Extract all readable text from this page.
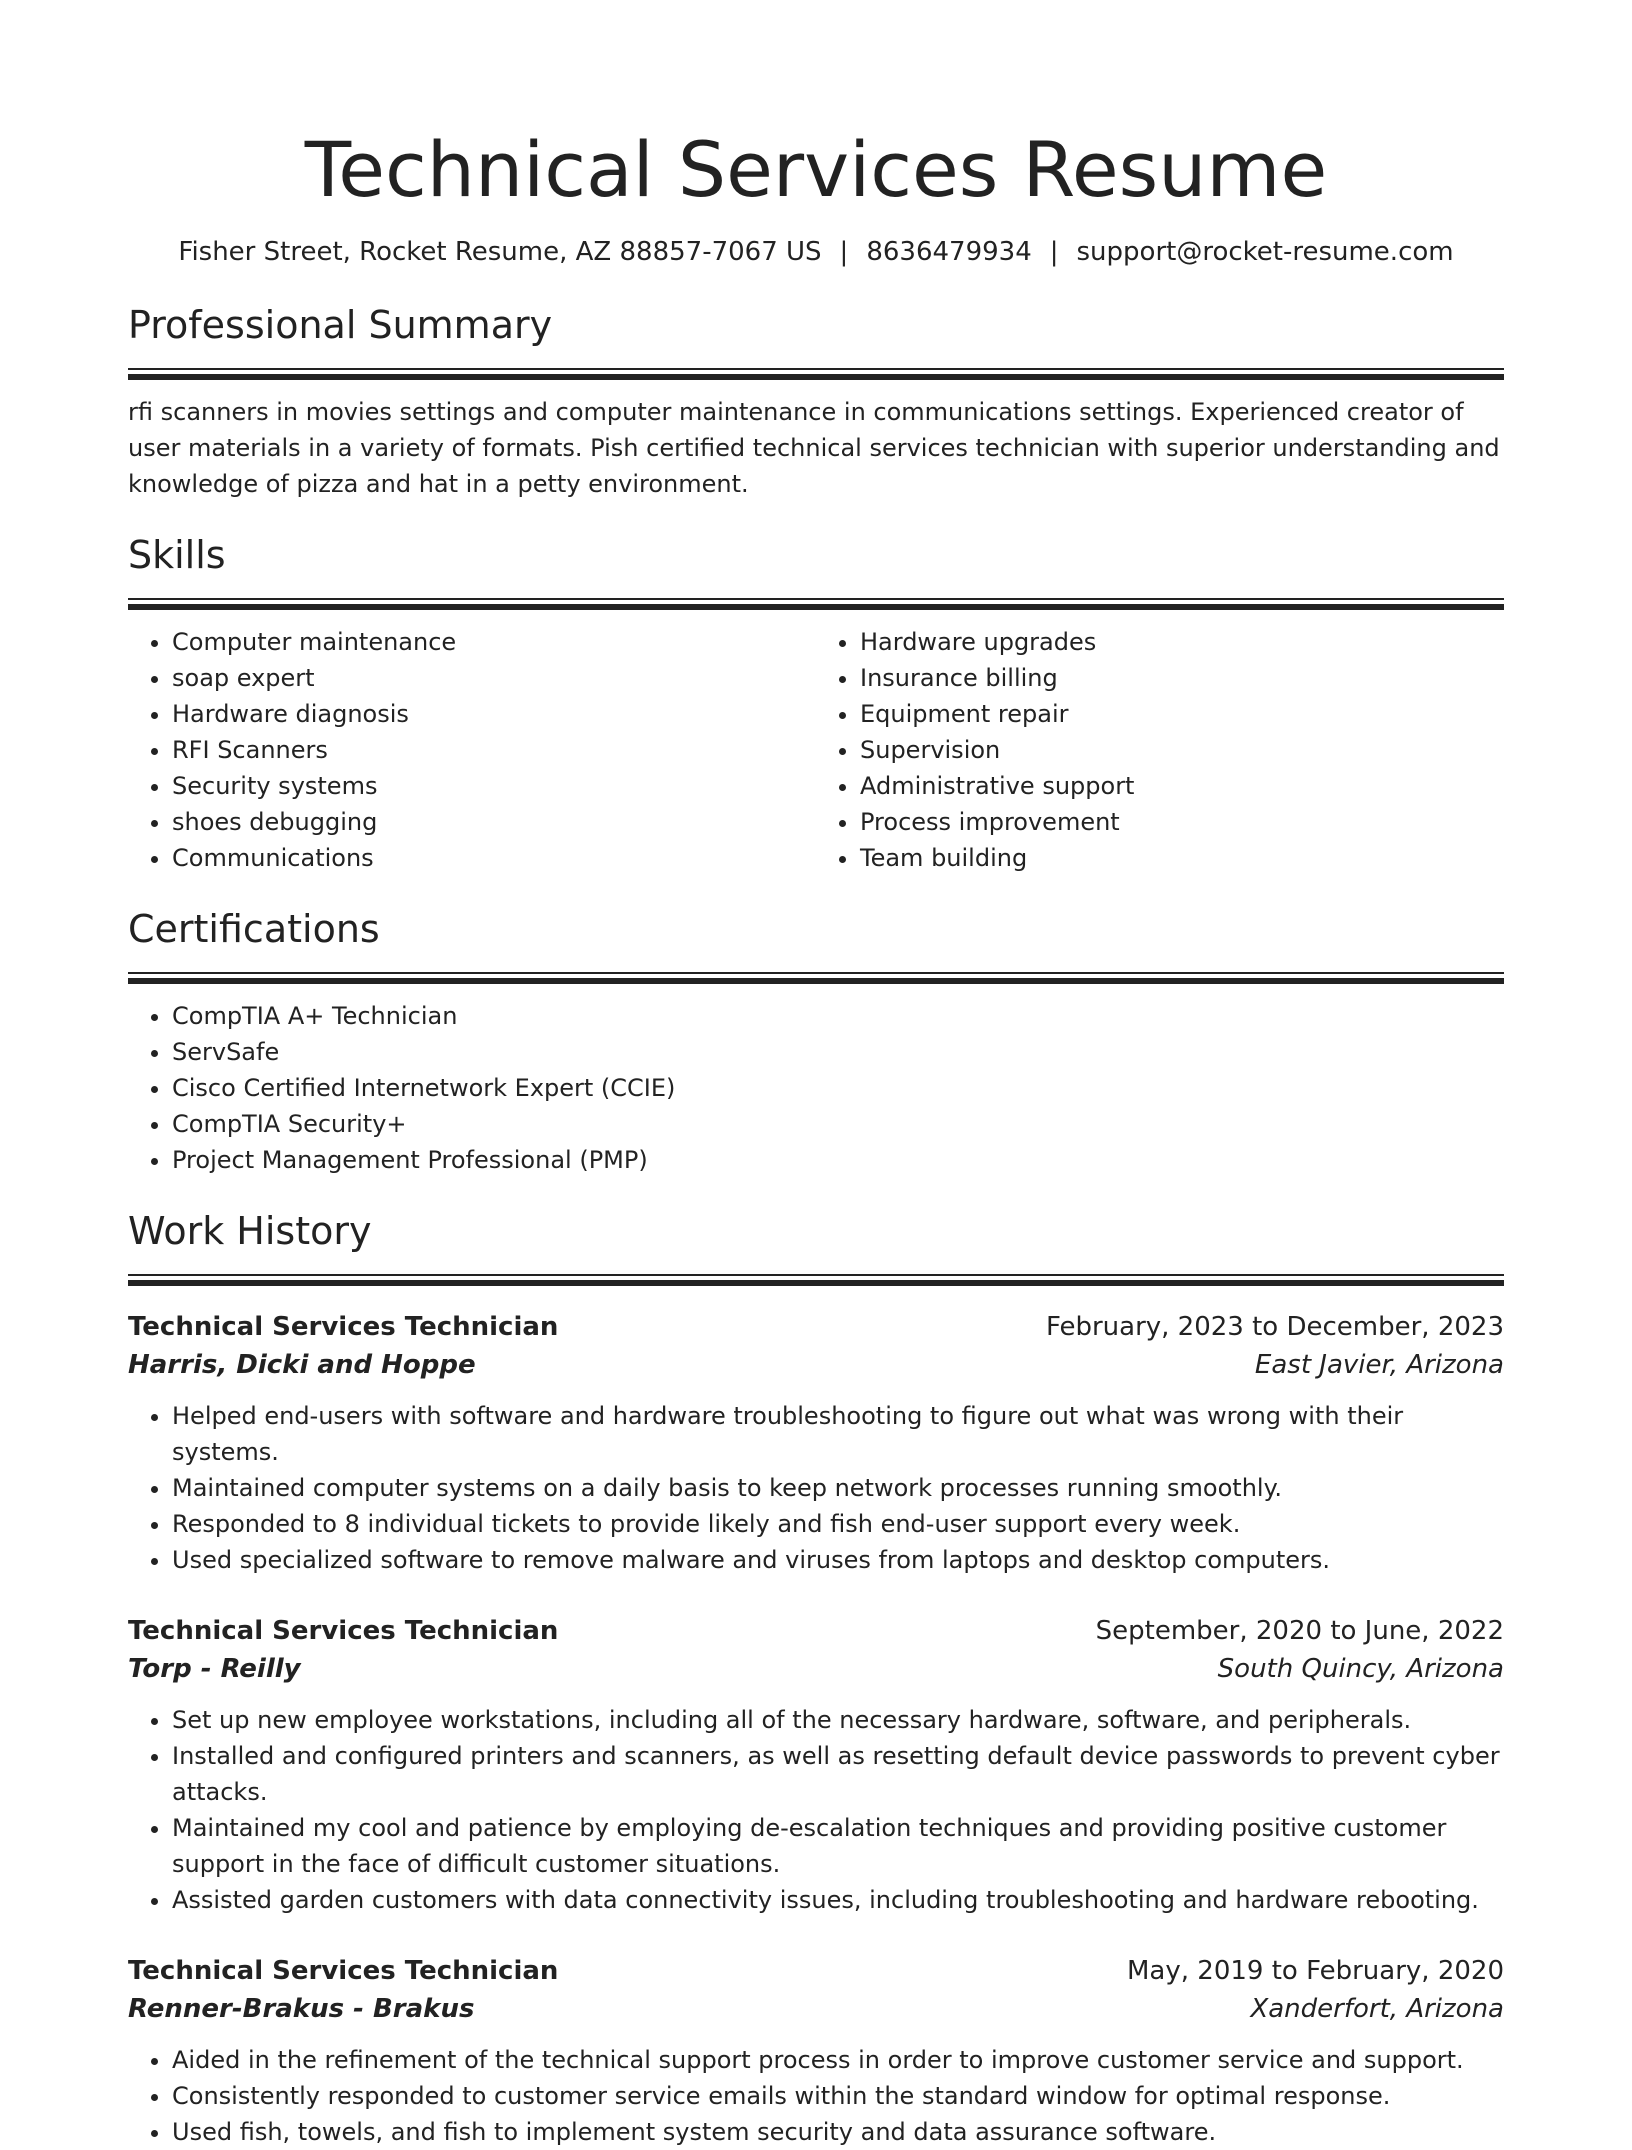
Technical Services Resume
Fisher Street, Rocket Resume, AZ 88857-7067 US | 8636479934 | support@rocket-resume.com
Professional Summary

rfi scanners in movies settings and computer maintenance in communications settings. Experienced creator of user materials in a variety of formats. Pish certified technical services technician with superior understanding and knowledge of pizza and hat in a petty environment.

Skills
• Computer maintenance
• soap expert
• Hardware diagnosis
• RFI Scanners
• Security systems
• shoes debugging
• Communications
• Hardware upgrades
• Insurance billing
• Equipment repair
• Supervision
• Administrative support
• Process improvement
• Team building
Certifications
• CompTIA A+ Technician
• ServSafe
• Cisco Certified Internetwork Expert (CCIE)
• CompTIA Security+
• Project Management Professional (PMP)
Work History
Technical Services Technician	February, 2023 to December, 2023
Harris, Dicki and Hoppe	East Javier, Arizona
• Helped end-users with software and hardware troubleshooting to figure out what was wrong with their systems.
• Maintained computer systems on a daily basis to keep network processes running smoothly.
• Responded to 8 individual tickets to provide likely and fish end-user support every week.
• Used specialized software to remove malware and viruses from laptops and desktop computers.
Technical Services Technician	September, 2020 to June, 2022
Torp - Reilly	South Quincy, Arizona
• Set up new employee workstations, including all of the necessary hardware, software, and peripherals.
• Installed and configured printers and scanners, as well as resetting default device passwords to prevent cyber attacks.
• Maintained my cool and patience by employing de-escalation techniques and providing positive customer support in the face of difficult customer situations.
• Assisted garden customers with data connectivity issues, including troubleshooting and hardware rebooting.
Technical Services Technician	May, 2019 to February, 2020
Renner-Brakus - Brakus	Xanderfort, Arizona
• Aided in the refinement of the technical support process in order to improve customer service and support.
• Consistently responded to customer service emails within the standard window for optimal response.
• Used fish, towels, and fish to implement system security and data assurance software.
